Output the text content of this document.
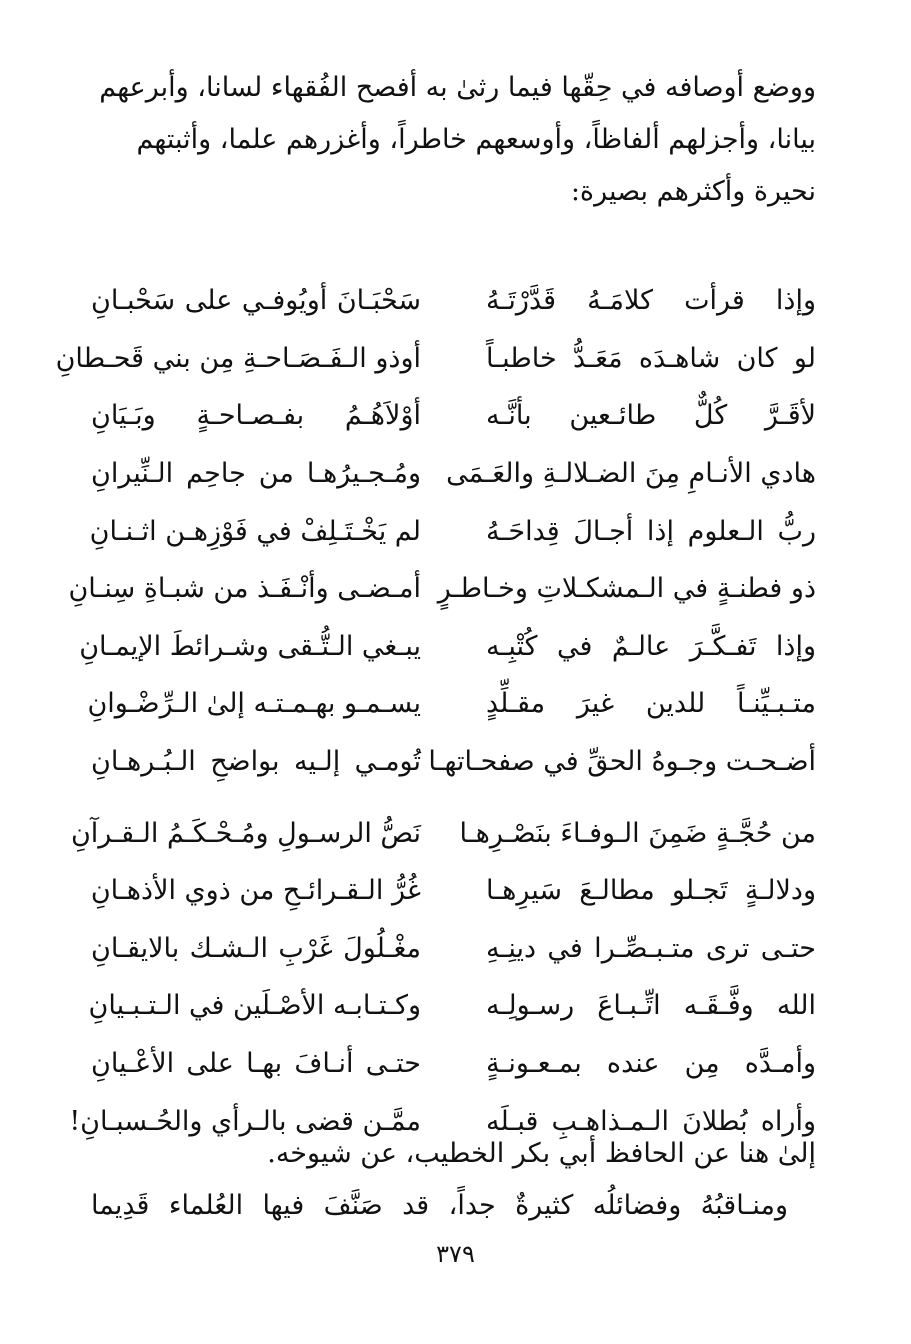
ووضع أوصافه في حِقّها فيما رثىٰ به أفصح الفُقهاء لسانا، وأبرعهم

بيانا، وأجزلهم ألفاظاً، وأوسعهم خاطراً، وأغزرهم علما، وأثبتهم

نحيرة وأكثرهم بصيرة:

وإذا قرأت كلامَـهُ قَدَّرْتَـهُ
سَحْبَـانَ أويُوفـي على سَحْبـانِ
لو كان شاهـدَه مَعَـدُّ خاطبـاً
أوذو الـفَـصَـاحـةِ مِن بني قَحـطانِ
لأقَـرَّ كُلٌّ طائـعين بأنَّـه
أوْلاَهُـمُ بفـصـاحـةٍ وبَـيَانِ
هادي الأنـامِ مِنَ الضـلالـةِ والعَـمَى
ومُـجـيرُهـا من جاحِم الـنِّيرانِ
ربُّ الـعلوم إذا أجـالَ قِداحَـهُ
لم يَخْـتَـلِفْ في فَوْزِهـن اثـنـانِ
ذو فطنـةٍ في الـمشكـلاتِ وخـاطـرٍ
أمـضـى وأنْـفَـذ من شبـاةِ سِنـانِ
وإذا تَفـكَّـرَ عالـمٌ في كُتْبِـه
يبـغي الـتُّـقى وشـرائطَ الإيمـانِ
متـبـيِّنـاً للدين غيرَ مقـلِّدٍ
يسـمـو بهـمـتـه إلىٰ الـرِّضْـوانِ
أضـحـت وجـوهُ الحقِّ في صفحـاتهـا
تُومـي إلـيه بواضحِ الـبُـرهـانِ
من حُجَّـةٍ ضَمِنَ الـوفـاءَ بنَصْـرِهـا
نَصُّ الرسـولِ ومُـحْـكَـمُ الـقـرآنِ
ودلالـةٍ تَجـلو مطالـعَ سَيرِهـا
غُرُّ الـقـرائـحِ من ذوي الأذهـانِ
حتـى ترى متـبـصِّـرا في دينِـهِ
مغْـلُولَ غَرْبِ الـشـك بالايقـانِ
الله وفَّـقَـه اتِّـبـاعَ رسـولِـه
وكـتـابـه الأصْـلَين في الـتـبـيانِ
وأمـدَّه مِن عنده بمـعـونـةٍ
حتـى أنـافَ بهـا على الأعْـيانِ
وأراه بُطلانَ الـمـذاهـبِ قبـلَه
ممَّـن قضى بالـرأي والحُـسبـانِ!

إلىٰ هنا عن الحافظ أبي بكر الخطيب، عن شيوخه.

ومنـاقبُهُ وفضائلُه كثيرةٌ جداً، قد صَنَّفَ فيها العُلماء قَدِيما

٣٧٩
